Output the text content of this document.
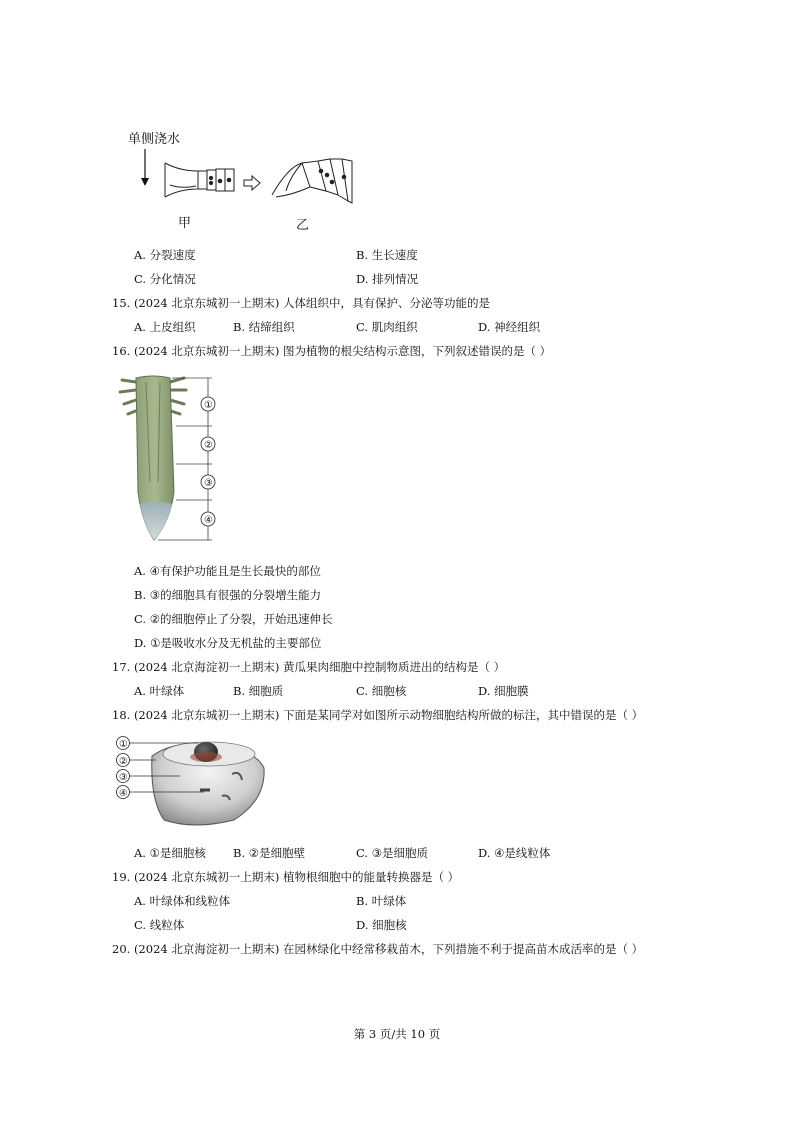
单侧浇水
甲	乙
A. 分裂速度	B. 生长速度
C. 分化情况	D. 排列情况
15. (2024 北京东城初一上期末) 人体组织中，具有保护、分泌等功能的是
A. 上皮组织	B. 结缔组织	C. 肌肉组织	D. 神经组织
16. (2024 北京东城初一上期末) 图为植物的根尖结构示意图，下列叙述错误的是（ ）
①
②
③
④
A. ④有保护功能且是生长最快的部位
B. ③的细胞具有很强的分裂增生能力
C. ②的细胞停止了分裂，开始迅速伸长
D. ①是吸收水分及无机盐的主要部位
17. (2024 北京海淀初一上期末) 黄瓜果肉细胞中控制物质进出的结构是（ ）
A. 叶绿体	B. 细胞质	C. 细胞核	D. 细胞膜
18. (2024 北京东城初一上期末) 下面是某同学对如图所示动物细胞结构所做的标注，其中错误的是（ ）
①
②
③
④
A. ①是细胞核 B. ②是细胞壁	C. ③是细胞质	D. ④是线粒体
19. (2024 北京东城初一上期末) 植物根细胞中的能量转换器是（ ）
A. 叶绿体和线粒体	B. 叶绿体
C. 线粒体	D. 细胞核
20. (2024 北京海淀初一上期末) 在园林绿化中经常移栽苗木，下列措施不利于提高苗木成活率的是（ ）
第 3 页/共 10 页
